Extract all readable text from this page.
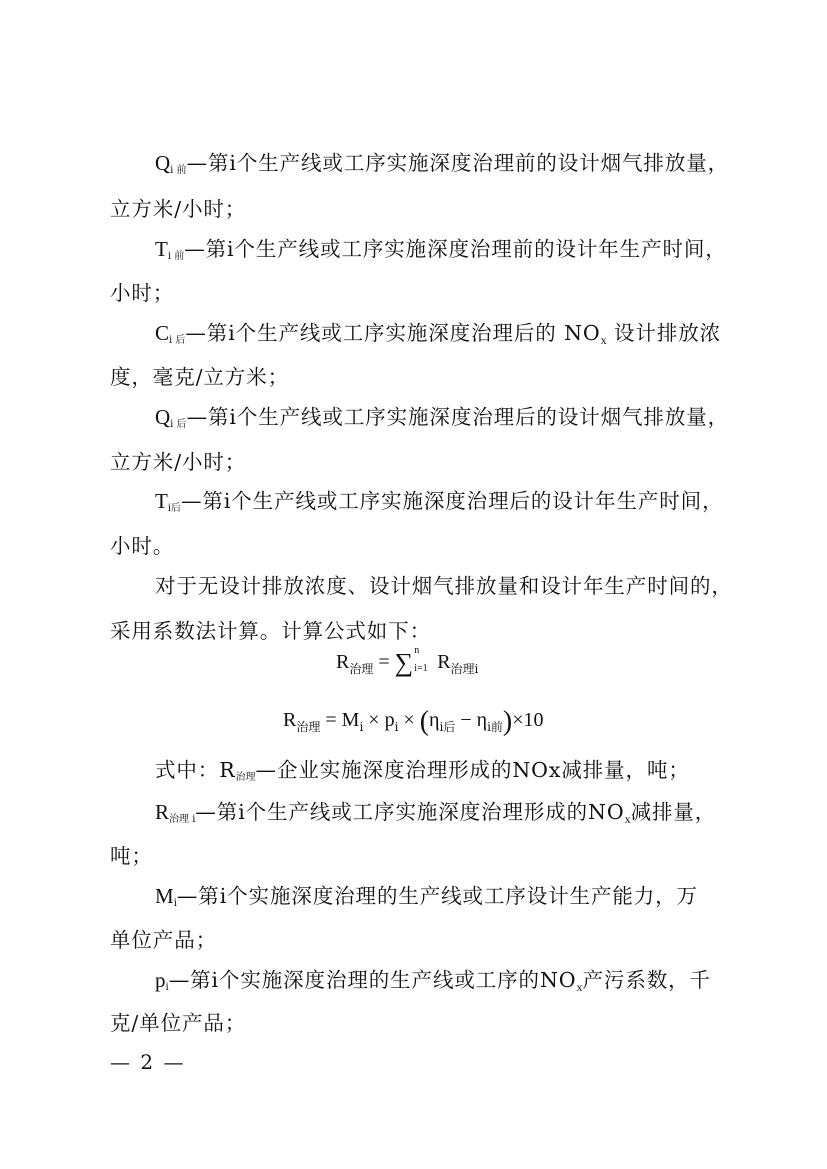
$Q_{i 前}—$第i个生产线或工序实施深度治理前的设计烟气排放量，
立方米/小时；
$T_{i 前}—$第i个生产线或工序实施深度治理前的设计年生产时间，
小时；
$C_{i 后}—$第i个生产线或工序实施深度治理后的 NOx 设计排放浓
度，毫克/立方米；
$Q_{i 后}—$第i个生产线或工序实施深度治理后的设计烟气排放量，
立方米/小时；
$T_{i后}—$第i个生产线或工序实施深度治理后的设计年生产时间，
小时。
对于无设计排放浓度、设计烟气排放量和设计年生产时间的，
采用系数法计算。计算公式如下：
$R_{治理}$ = ∑ n
i=1 $R_{治理i}$
$R_{治理} = M_i \times p_i \times (\eta_{i后} - \eta_{i前})\times 10$
式中：$R_{治理}—$企业实施深度治理形成的NOx减排量，吨；
$R_{治理 i}—$第i个生产线或工序实施深度治理形成的NOx减排量，
吨；
$M_i—$第i个实施深度治理的生产线或工序设计生产能力，万
单位产品；
$p_i—$第i个实施深度治理的生产线或工序的NOx产污系数，千
克/单位产品；
— 2 —
